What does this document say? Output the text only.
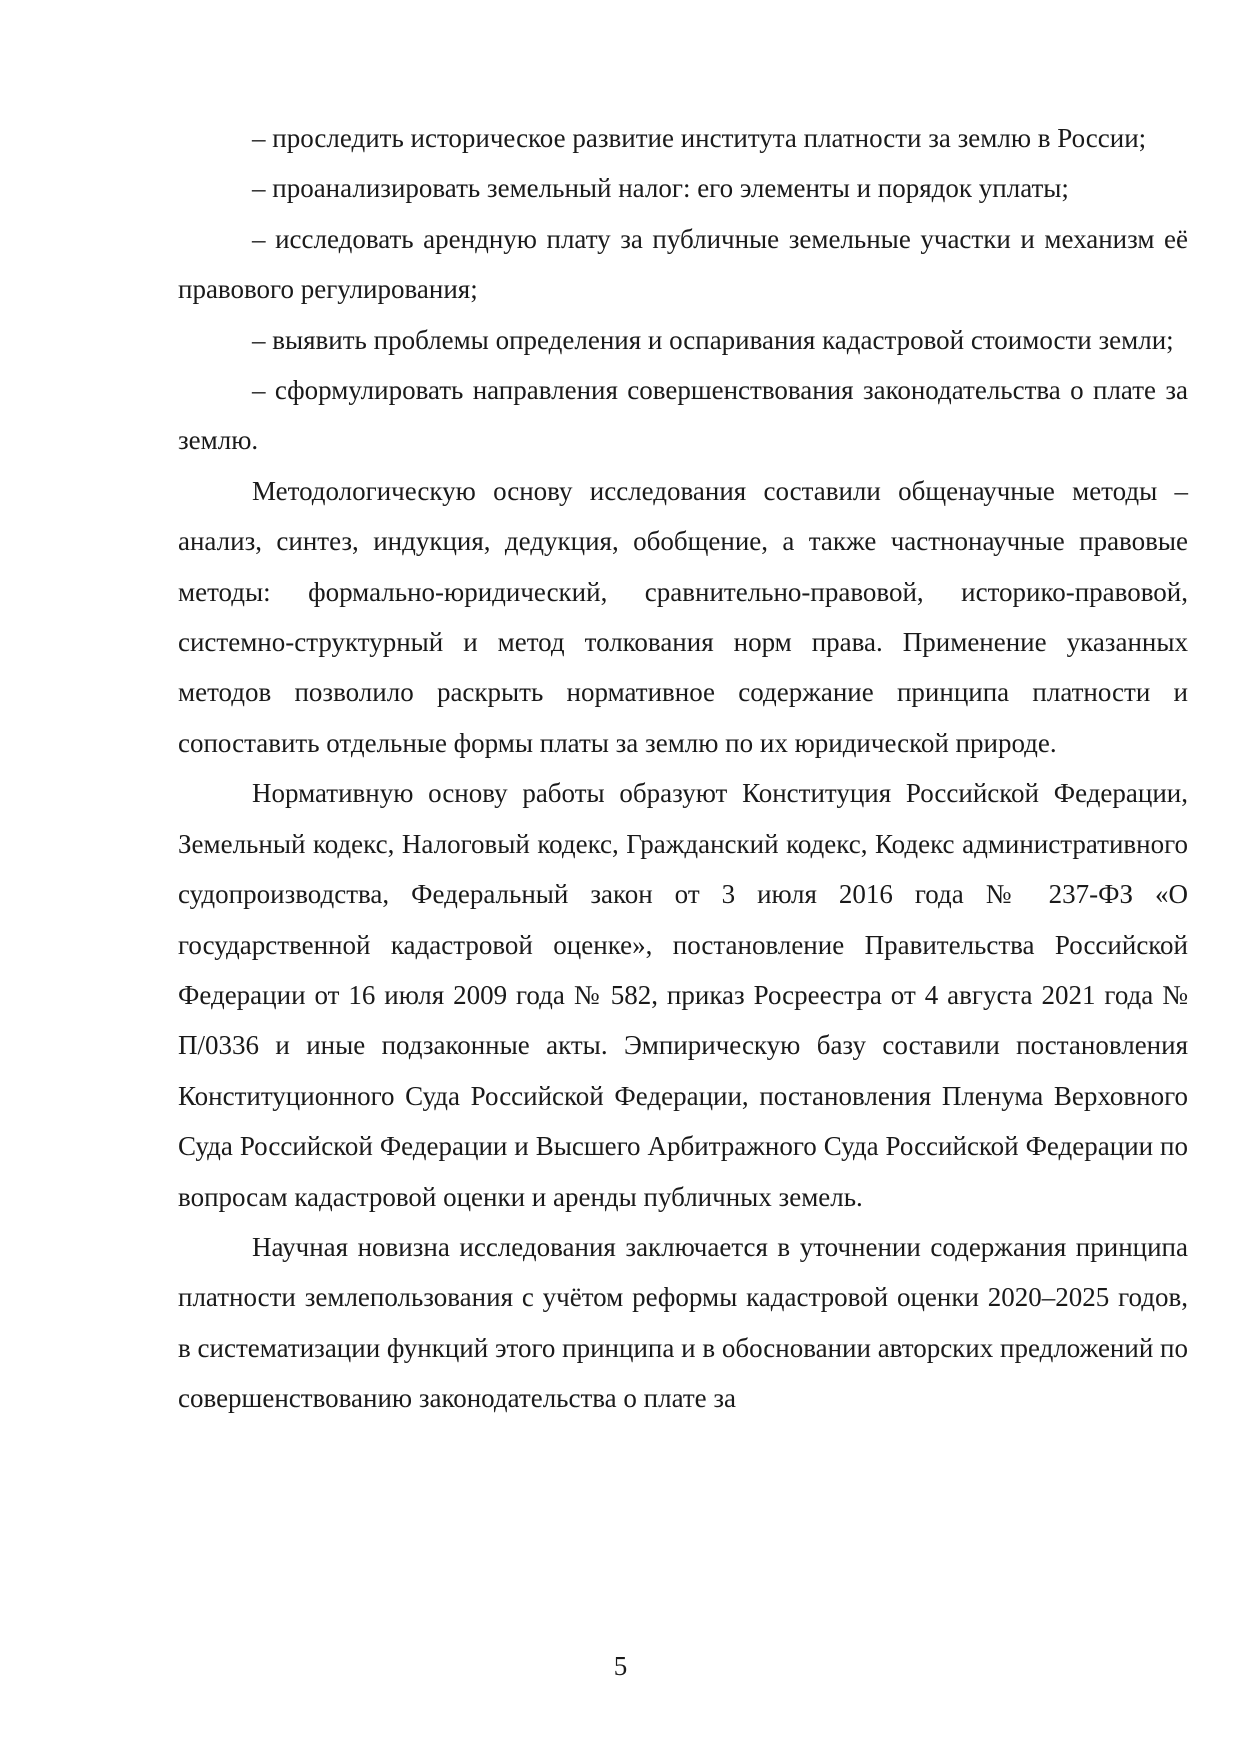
– проследить историческое развитие института платности за землю в России;

– проанализировать земельный налог: его элементы и порядок уплаты;

– исследовать арендную плату за публичные земельные участки и механизм её правового регулирования;

– выявить проблемы определения и оспаривания кадастровой стоимости земли;

– сформулировать направления совершенствования законодательства о плате за землю.

Методологическую основу исследования составили общенаучные методы – анализ, синтез, индукция, дедукция, обобщение, а также частнонаучные правовые методы: формально-юридический, сравнительно-правовой, историко-правовой, системно-структурный и метод толкования норм права. Применение указанных методов позволило раскрыть нормативное содержание принципа платности и сопоставить отдельные формы платы за землю по их юридической природе.

Нормативную основу работы образуют Конституция Российской Федерации, Земельный кодекс, Налоговый кодекс, Гражданский кодекс, Кодекс административного судопроизводства, Федеральный закон от 3 июля 2016 года № 237-ФЗ «О государственной кадастровой оценке», постановление Правительства Российской Федерации от 16 июля 2009 года № 582, приказ Росреестра от 4 августа 2021 года № П/0336 и иные подзаконные акты. Эмпирическую базу составили постановления Конституционного Суда Российской Федерации, постановления Пленума Верховного Суда Российской Федерации и Высшего Арбитражного Суда Российской Федерации по вопросам кадастровой оценки и аренды публичных земель.

Научная новизна исследования заключается в уточнении содержания принципа платности землепользования с учётом реформы кадастровой оценки 2020–2025 годов, в систематизации функций этого принципа и в обосновании авторских предложений по совершенствованию законодательства о плате за

5
